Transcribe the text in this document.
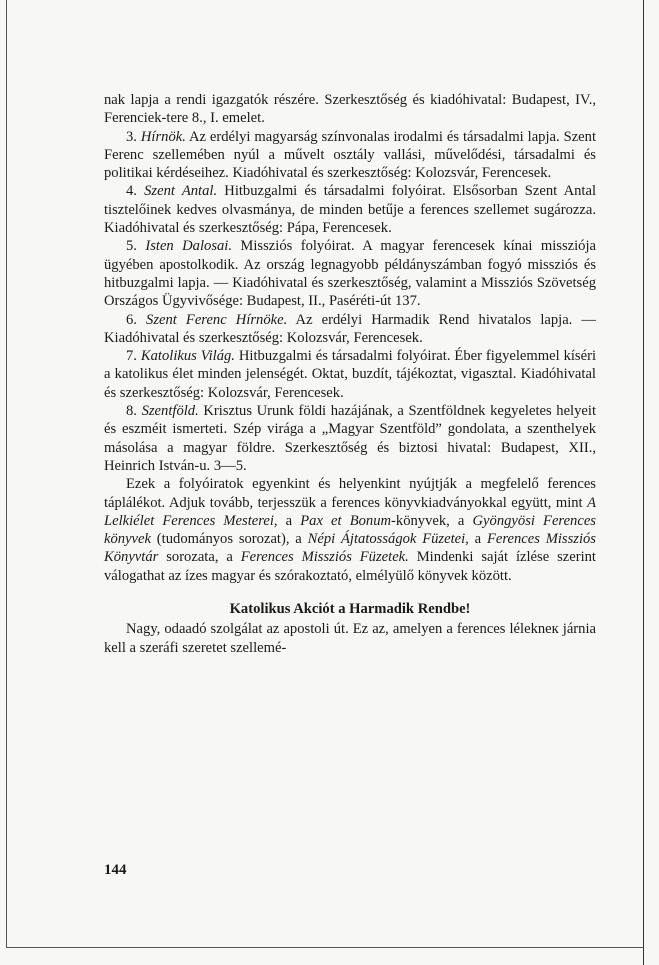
nak lapja a rendi igazgatók részére. Szerkesztőség és kiadóhivatal: Budapest, IV., Ferenciek-tere 8., I. emelet.

3. Hírnök. Az erdélyi magyarság színvonalas irodalmi és társadalmi lapja. Szent Ferenc szellemében nyúl a művelt osztály vallási, művelődési, társadalmi és politikai kérdéseihez. Kiadóhivatal és szerkesztőség: Kolozsvár, Ferencesek.

4. Szent Antal. Hitbuzgalmi és társadalmi folyóirat. Elsősorban Szent Antal tisztelőinek kedves olvasmánya, de minden betűje a ferences szellemet sugározza. Kiadóhivatal és szerkesztőség: Pápa, Ferencesek.

5. Isten Dalosai. Missziós folyóirat. A magyar ferencesek kínai missziója ügyében apostolkodik. Az ország legnagyobb példányszámban fogyó missziós és hitbuzgalmi lapja. — Kiadóhivatal és szerkesztőség, valamint a Missziós Szövetség Országos Ügyvivősége: Budapest, II., Paséréti-út 137.

6. Szent Ferenc Hírnöke. Az erdélyi Harmadik Rend hivatalos lapja. — Kiadóhivatal és szerkesztőség: Kolozsvár, Ferencesek.

7. Katolikus Világ. Hitbuzgalmi és társadalmi folyóirat. Éber figyelemmel kíséri a katolikus élet minden jelenségét. Oktat, buzdít, tájékoztat, vigasztal. Kiadóhivatal és szerkesztőség: Kolozsvár, Ferencesek.

8. Szentföld. Krisztus Urunk földi hazájának, a Szentföldnek kegyeletes helyeit és eszméit ismerteti. Szép virága a „Magyar Szentföld” gondolata, a szenthelyek másolása a magyar földre. Szerkesztőség és biztosi hivatal: Budapest, XII., Heinrich István-u. 3—5.

Ezek a folyóiratok egyenkint és helyenkint nyújtják a megfelelő ferences táplálékot. Adjuk tovább, terjesszük a ferences könyvkiadványokkal együtt, mint A Lelkiélet Ferences Mesterei, a Pax et Bonum-könyvek, a Gyöngyösi Ferences könyvek (tudományos sorozat), a Népi Ájtatosságok Füzetei, a Ferences Missziós Könyvtár sorozata, a Ferences Missziós Füzetek. Mindenki saját ízlése szerint válogathat az ízes magyar és szórakoztató, elmélyülő könyvek között.

Katolikus Akciót a Harmadik Rendbe!

Nagy, odaadó szolgálat az apostoli út. Ez az, amelyen a ferences lélekneк járnia kell a szeráfi szeretet szellemé-

144
